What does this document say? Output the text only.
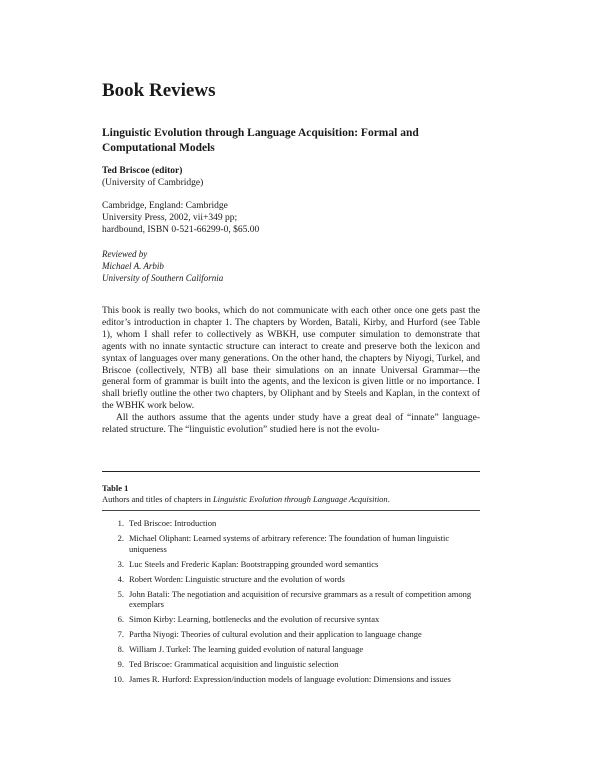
Book Reviews
Linguistic Evolution through Language Acquisition: Formal and Computational Models
Ted Briscoe (editor)
(University of Cambridge)
Cambridge, England: Cambridge
University Press, 2002, vii+349 pp;
hardbound, ISBN 0-521-66299-0, $65.00
Reviewed by
Michael A. Arbib
University of Southern California

This book is really two books, which do not communicate with each other once one gets past the editor’s introduction in chapter 1. The chapters by Worden, Batali, Kirby, and Hurford (see Table 1), whom I shall refer to collectively as WBKH, use computer simulation to demonstrate that agents with no innate syntactic structure can interact to create and preserve both the lexicon and syntax of languages over many generations. On the other hand, the chapters by Niyogi, Turkel, and Briscoe (collectively, NTB) all base their simulations on an innate Universal Grammar—the general form of grammar is built into the agents, and the lexicon is given little or no importance. I shall briefly outline the other two chapters, by Oliphant and by Steels and Kaplan, in the context of the WBHK work below.

All the authors assume that the agents under study have a great deal of “innate” language-related structure. The “linguistic evolution” studied here is not the evolu-

Table 1
Authors and titles of chapters in Linguistic Evolution through Language Acquisition.
1. Ted Briscoe: Introduction
2. Michael Oliphant: Learned systems of arbitrary reference: The foundation of human linguistic uniqueness
3. Luc Steels and Frederic Kaplan: Bootstrapping grounded word semantics
4. Robert Worden: Linguistic structure and the evolution of words
5. John Batali: The negotiation and acquisition of recursive grammars as a result of competition among exemplars
6. Simon Kirby: Learning, bottlenecks and the evolution of recursive syntax
7. Partha Niyogi: Theories of cultural evolution and their application to language change
8. William J. Turkel: The learning guided evolution of natural language
9. Ted Briscoe: Grammatical acquisition and linguistic selection
10. James R. Hurford: Expression/induction models of language evolution: Dimensions and issues
